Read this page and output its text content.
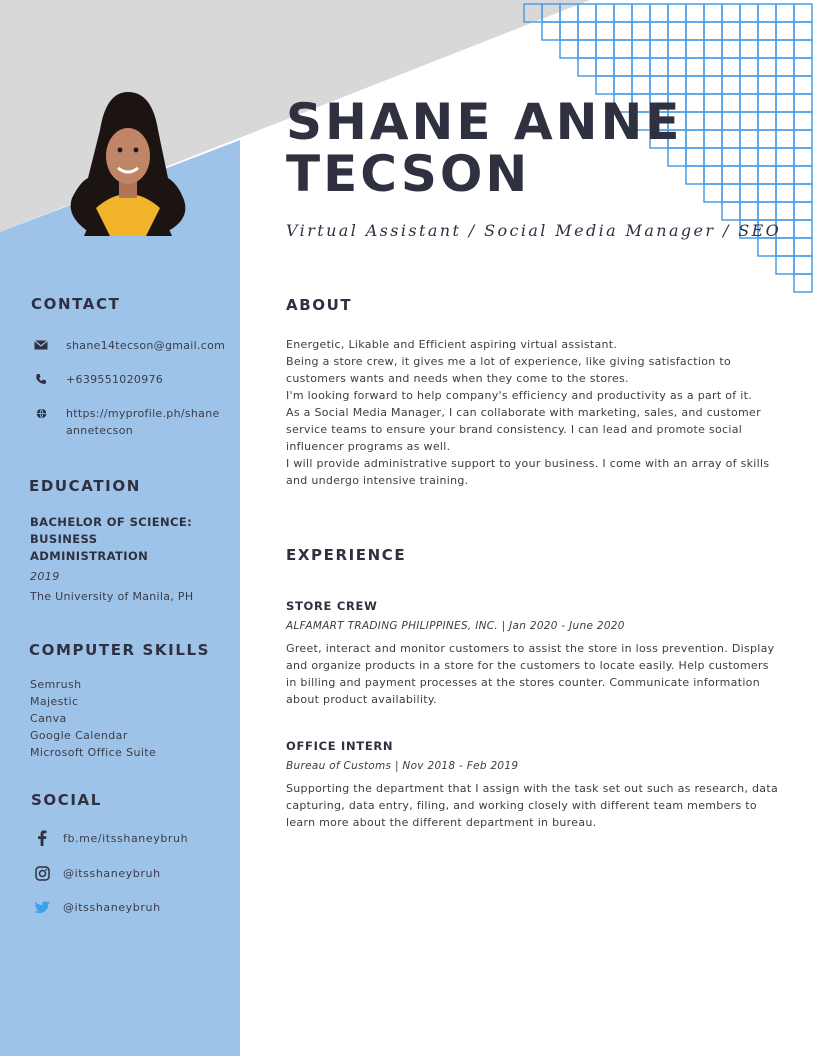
SHANE ANNE
TECSON
Virtual Assistant / Social Media Manager / SEO
CONTACT
shane14tecson@gmail.com
+639551020976
https://myprofile.ph/shaneannetecson
EDUCATION
BACHELOR OF SCIENCE: BUSINESS ADMINISTRATION
2019
The University of Manila, PH
COMPUTER SKILLS
Semrush
Majestic
Canva
Google Calendar
Microsoft Office Suite
SOCIAL
fb.me/itsshaneybruh
@itsshaneybruh
@itsshaneybruh
ABOUT

Energetic, Likable and Efficient aspiring virtual assistant.

Being a store crew, it gives me a lot of experience, like giving satisfaction to customers wants and needs when they come to the stores.

I'm looking forward to help company's efficiency and productivity as a part of it.

As a Social Media Manager, I can collaborate with marketing, sales, and customer service teams to ensure your brand consistency. I can lead and promote social influencer programs as well.

I will provide administrative support to your business. I come with an array of skills and undergo intensive training.

EXPERIENCE
STORE CREW
ALFAMART TRADING PHILIPPINES, INC. | Jan 2020 - June 2020

Greet, interact and monitor customers to assist the store in loss prevention. Display and organize products in a store for the customers to locate easily. Help customers in billing and payment processes at the stores counter. Communicate information about product availability.

OFFICE INTERN
Bureau of Customs | Nov 2018 - Feb 2019

Supporting the department that I assign with the task set out such as research, data capturing, data entry, filing, and working closely with different team members to learn more about the different department in bureau.
